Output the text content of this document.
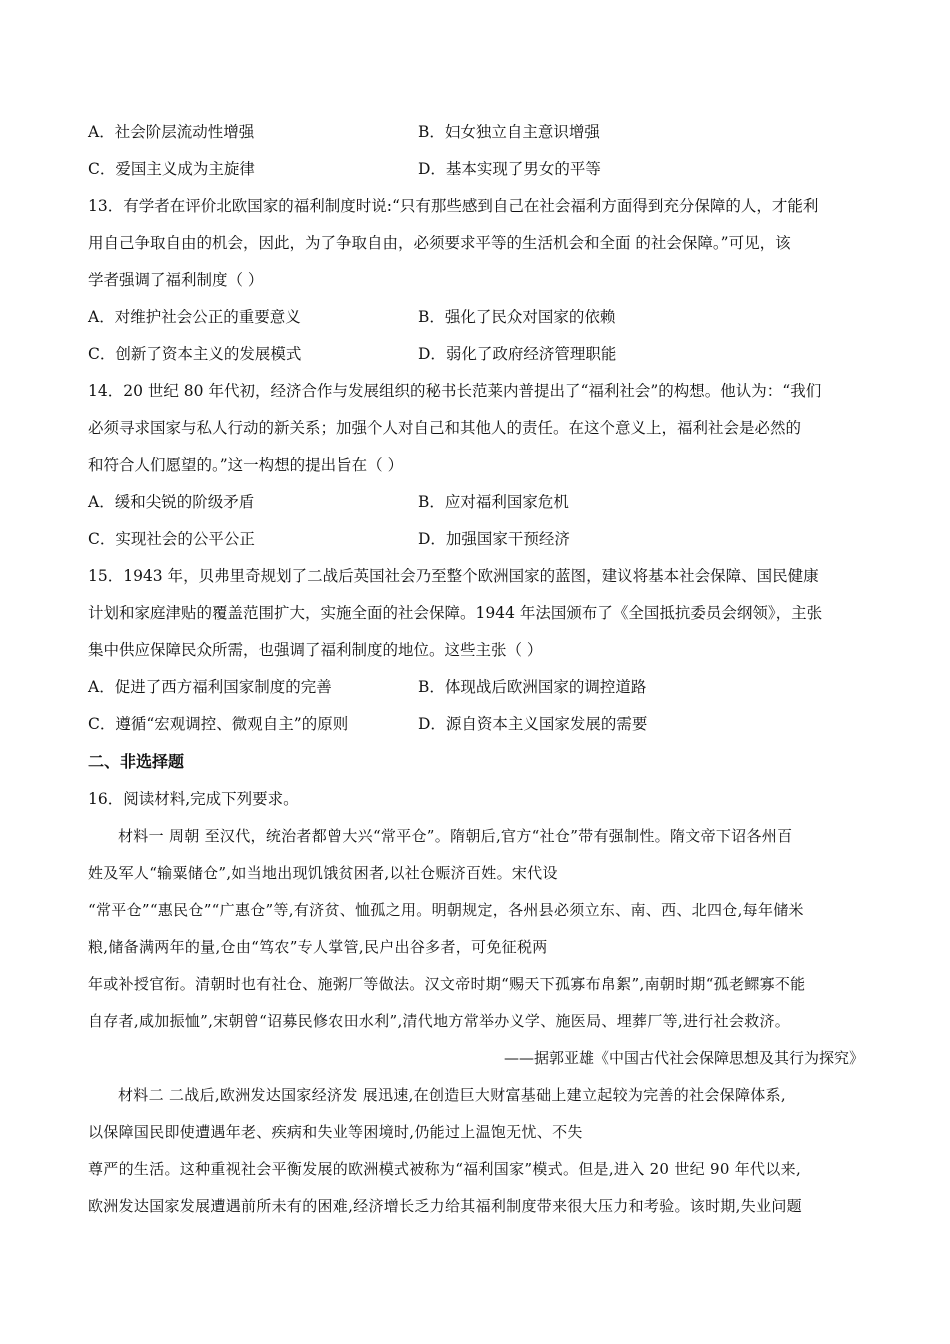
A．社会阶层流动性增强	B．妇女独立自主意识增强
C．爱国主义成为主旋律	D．基本实现了男女的平等
13．有学者在评价北欧国家的福利制度时说:“只有那些感到自己在社会福利方面得到充分保障的人，才能利
用自己争取自由的机会，因此，为了争取自由，必须要求平等的生活机会和全面 的社会保障。”可见，该
学者强调了福利制度（ ）
A．对维护社会公正的重要意义	B．强化了民众对国家的依赖
C．创新了资本主义的发展模式	D．弱化了政府经济管理职能
14．20 世纪 80 年代初，经济合作与发展组织的秘书长范莱内普提出了“福利社会”的构想。他认为：“我们
必须寻求国家与私人行动的新关系；加强个人对自己和其他人的责任。在这个意义上，福利社会是必然的
和符合人们愿望的。”这一构想的提出旨在（ ）
A．缓和尖锐的阶级矛盾	B．应对福利国家危机
C．实现社会的公平公正	D．加强国家干预经济
15．1943 年，贝弗里奇规划了二战后英国社会乃至整个欧洲国家的蓝图，建议将基本社会保障、国民健康
计划和家庭津贴的覆盖范围扩大，实施全面的社会保障。1944 年法国颁布了《全国抵抗委员会纲领》，主张
集中供应保障民众所需，也强调了福利制度的地位。这些主张（ ）
A．促进了西方福利国家制度的完善	B．体现战后欧洲国家的调控道路
C．遵循“宏观调控、微观自主”的原则	D．源自资本主义国家发展的需要
二、非选择题
16．阅读材料,完成下列要求。
材料一 周朝 至汉代，统治者都曾大兴“常平仓”。隋朝后,官方“社仓”带有强制性。隋文帝下诏各州百
姓及军人“输粟储仓”,如当地出现饥饿贫困者,以社仓赈济百姓。宋代设
“常平仓”“惠民仓”“广惠仓”等,有济贫、恤孤之用。明朝规定，各州县必须立东、南、西、北四仓,每年储米
粮,储备满两年的量,仓由“笃农”专人掌管,民户出谷多者，可免征税两
年或补授官衔。清朝时也有社仓、施粥厂等做法。汉文帝时期“赐天下孤寡布帛絮”,南朝时期“孤老鳏寡不能
自存者,咸加振恤”,宋朝曾“诏募民修农田水利”,清代地方常举办义学、施医局、埋葬厂等,进行社会救济。
——据郭亚雄《中国古代社会保障思想及其行为探究》
材料二 二战后,欧洲发达国家经济发 展迅速,在创造巨大财富基础上建立起较为完善的社会保障体系,
以保障国民即使遭遇年老、疾病和失业等困境时,仍能过上温饱无忧、不失
尊严的生活。这种重视社会平衡发展的欧洲模式被称为“福利国家”模式。但是,进入 20 世纪 90 年代以来,
欧洲发达国家发展遭遇前所未有的困难,经济增长乏力给其福利制度带来很大压力和考验。该时期,失业问题
